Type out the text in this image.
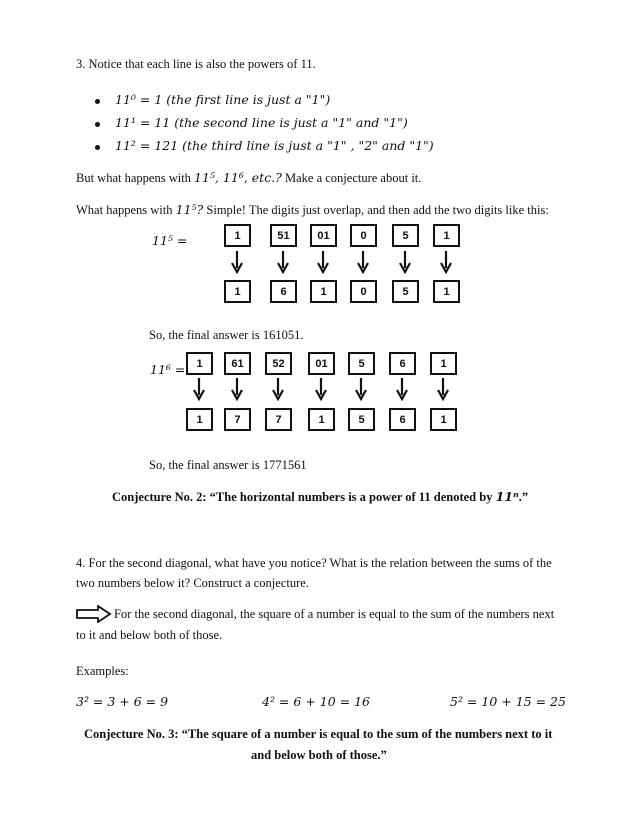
3. Notice that each line is also the powers of 11.
11⁰ = 1 (the first line is just a "1")
11¹ = 11 (the second line is just a "1" and "1")
11² = 121 (the third line is just a "1" , "2" and "1")
But what happens with 11⁵, 11⁶, etc.? Make a conjecture about it.
What happens with 11⁵? Simple! The digits just overlap, and then add the two digits like this:
11⁵ =	1	51	01	0	5	1
1	6	1	0	5	1
So, the final answer is 161051.
11⁶ =	1	61	52	01	5	6	1
1	7	7	1	5	6	1
So, the final answer is 1771561
Conjecture No. 2: “The horizontal numbers is a power of 11 denoted by 11ⁿ.”
4. For the second diagonal, what have you notice? What is the relation between the sums of the
two numbers below it? Construct a conjecture.
For the second diagonal, the square of a number is equal to the sum of the numbers next
to it and below both of those.
Examples:
3² = 3 + 6 = 9	4² = 6 + 10 = 16	5² = 10 + 15 = 25
Conjecture No. 3: “The square of a number is equal to the sum of the numbers next to it
and below both of those.”
